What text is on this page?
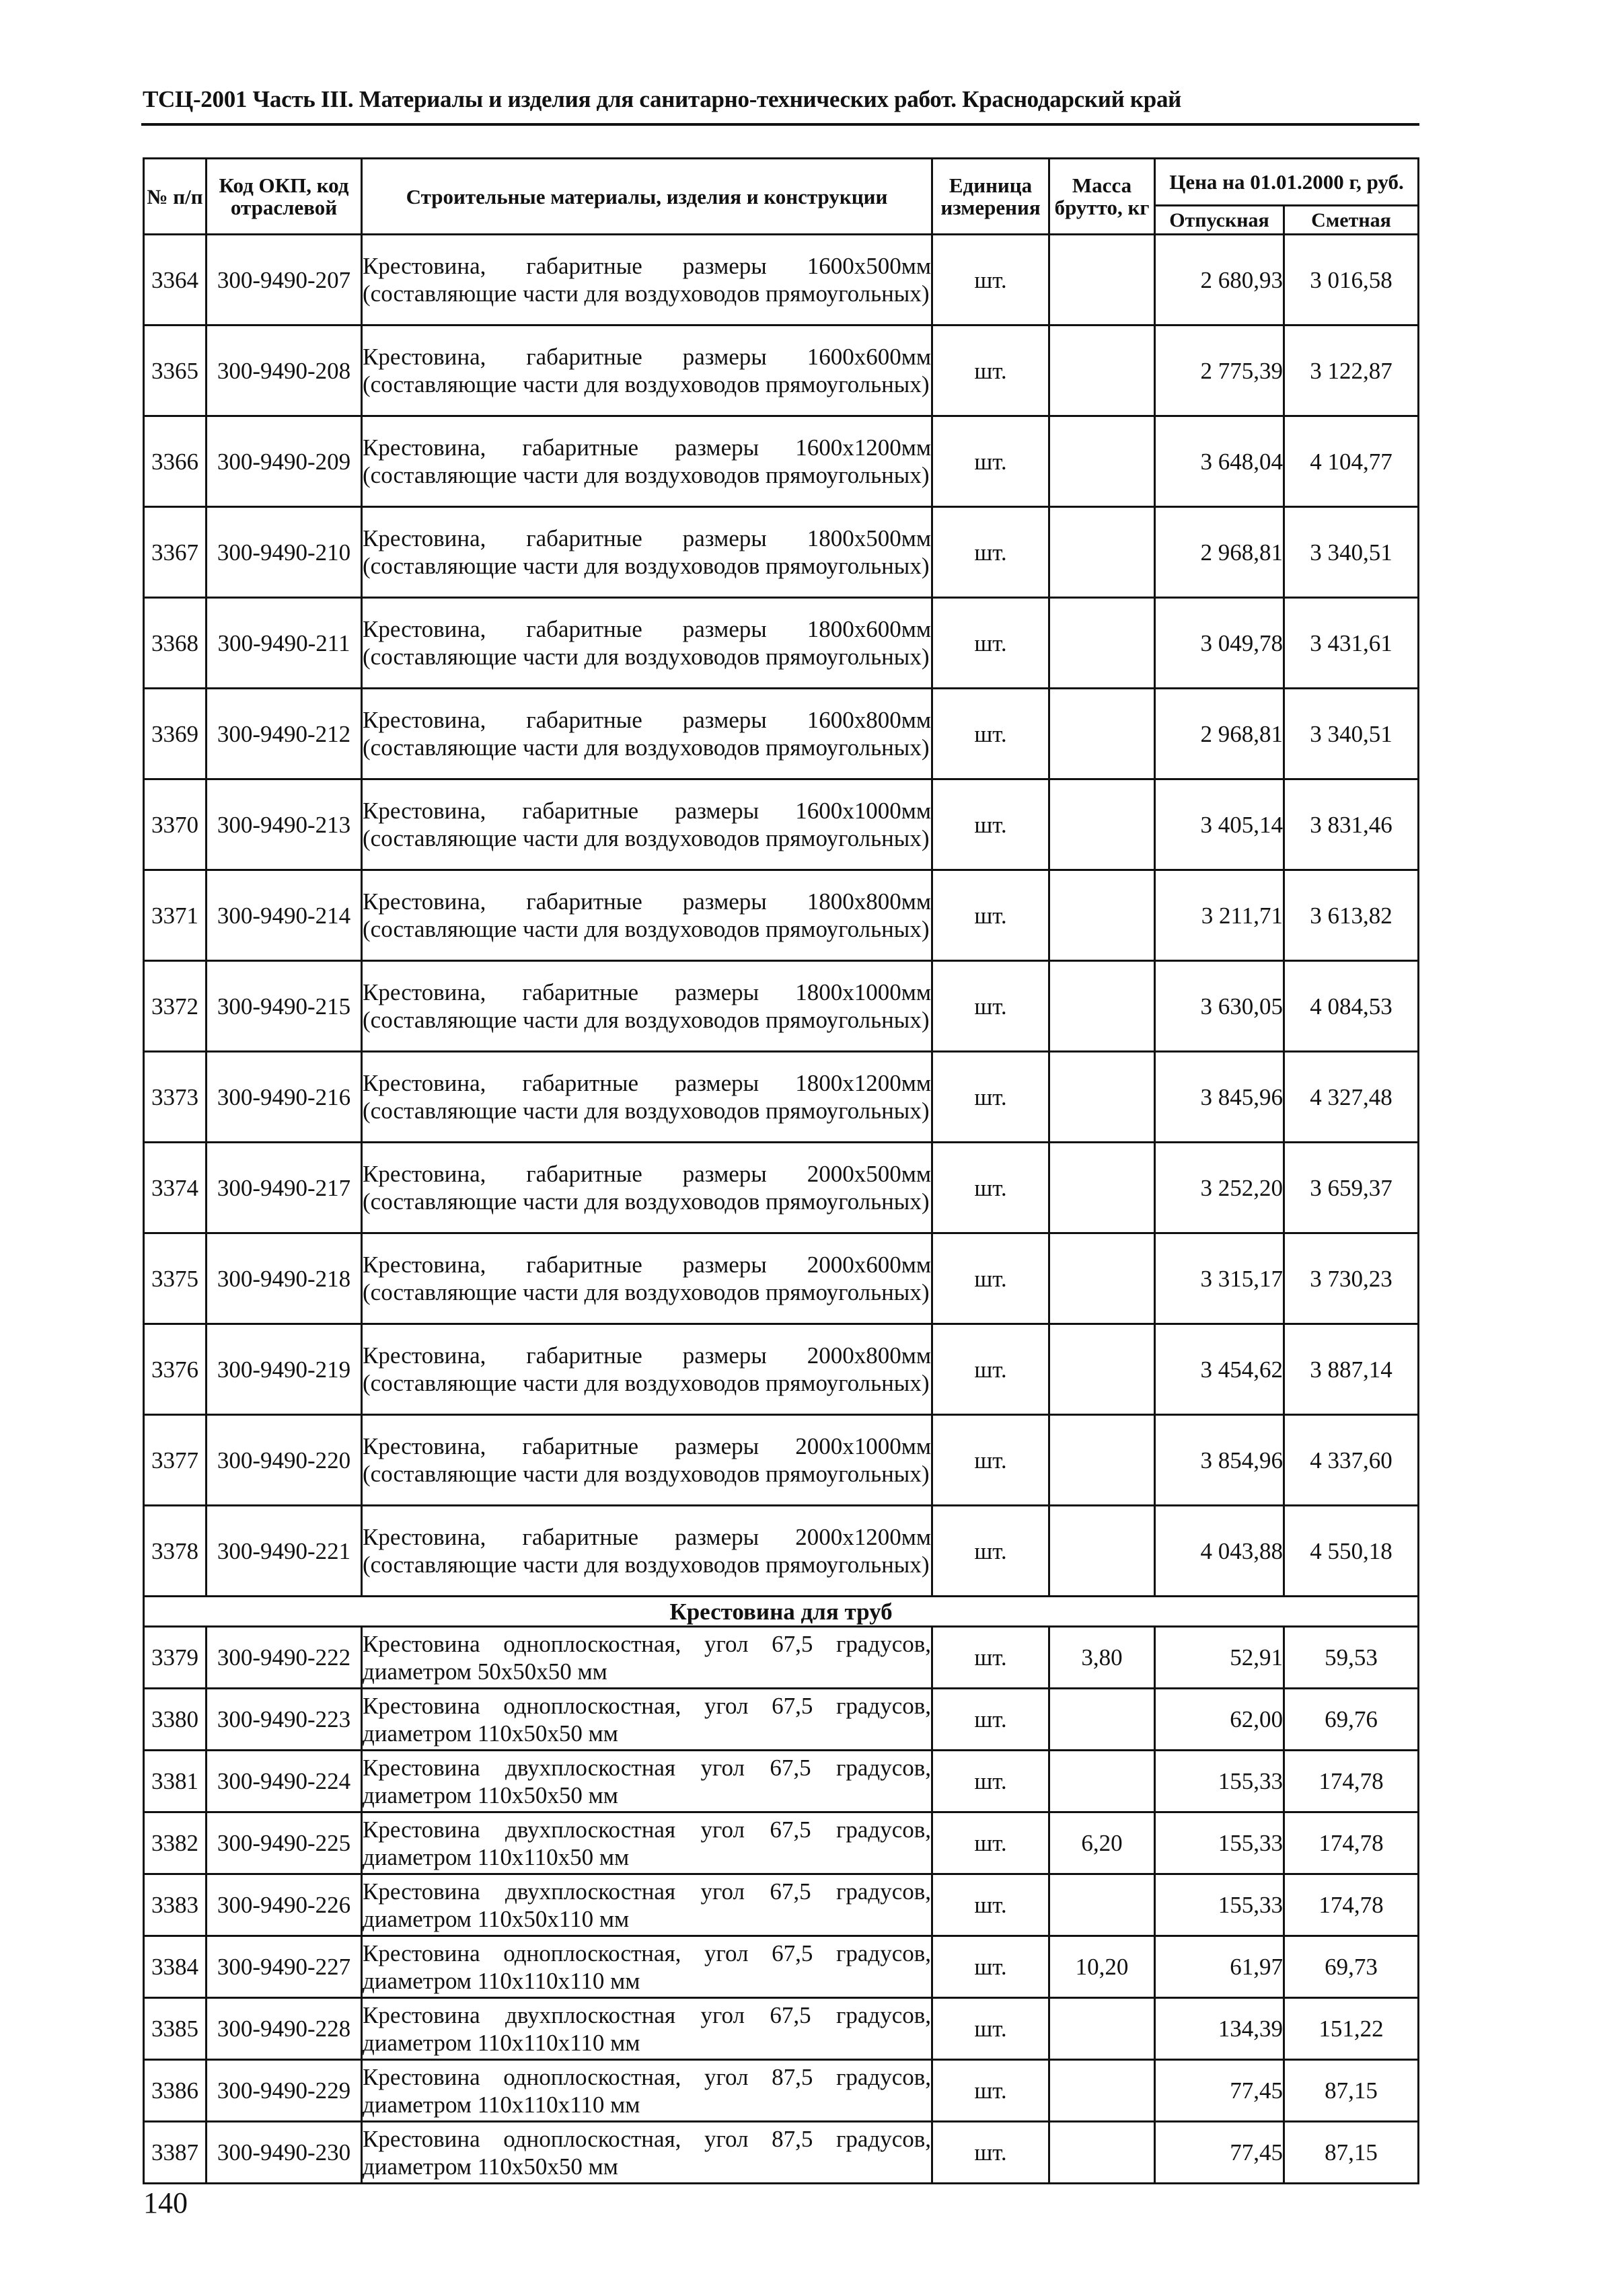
ТСЦ-2001 Часть III. Материалы и изделия для санитарно-технических работ. Краснодарский край
№ п/п	Код ОКП, код отраслевой	Строительные материалы, изделия и конструкции	Единица измерения	Масса брутто, кг	Цена на 01.01.2000 г, руб.	
					Отпускная	Сметная
3364	300-9490-207	Крестовина, габаритные размеры 1600х500мм (составляющие части для воздуховодов прямоугольных)	шт.		2 680,93	3 016,58
3365	300-9490-208	Крестовина, габаритные размеры 1600х600мм (составляющие части для воздуховодов прямоугольных)	шт.		2 775,39	3 122,87
3366	300-9490-209	Крестовина, габаритные размеры 1600х1200мм (составляющие части для воздуховодов прямоугольных)	шт.		3 648,04	4 104,77
3367	300-9490-210	Крестовина, габаритные размеры 1800х500мм (составляющие части для воздуховодов прямоугольных)	шт.		2 968,81	3 340,51
3368	300-9490-211	Крестовина, габаритные размеры 1800х600мм (составляющие части для воздуховодов прямоугольных)	шт.		3 049,78	3 431,61
3369	300-9490-212	Крестовина, габаритные размеры 1600х800мм (составляющие части для воздуховодов прямоугольных)	шт.		2 968,81	3 340,51
3370	300-9490-213	Крестовина, габаритные размеры 1600х1000мм (составляющие части для воздуховодов прямоугольных)	шт.		3 405,14	3 831,46
3371	300-9490-214	Крестовина, габаритные размеры 1800х800мм (составляющие части для воздуховодов прямоугольных)	шт.		3 211,71	3 613,82
3372	300-9490-215	Крестовина, габаритные размеры 1800х1000мм (составляющие части для воздуховодов прямоугольных)	шт.		3 630,05	4 084,53
3373	300-9490-216	Крестовина, габаритные размеры 1800х1200мм (составляющие части для воздуховодов прямоугольных)	шт.		3 845,96	4 327,48
3374	300-9490-217	Крестовина, габаритные размеры 2000х500мм (составляющие части для воздуховодов прямоугольных)	шт.		3 252,20	3 659,37
3375	300-9490-218	Крестовина, габаритные размеры 2000х600мм (составляющие части для воздуховодов прямоугольных)	шт.		3 315,17	3 730,23
3376	300-9490-219	Крестовина, габаритные размеры 2000х800мм (составляющие части для воздуховодов прямоугольных)	шт.		3 454,62	3 887,14
3377	300-9490-220	Крестовина, габаритные размеры 2000х1000мм (составляющие части для воздуховодов прямоугольных)	шт.		3 854,96	4 337,60
3378	300-9490-221	Крестовина, габаритные размеры 2000х1200мм (составляющие части для воздуховодов прямоугольных)	шт.		4 043,88	4 550,18
Крестовина для труб						
3379	300-9490-222	Крестовина одноплоскостная, угол 67,5 градусов, диаметром 50х50х50 мм	шт.	3,80	52,91	59,53
3380	300-9490-223	Крестовина одноплоскостная, угол 67,5 градусов, диаметром 110х50х50 мм	шт.		62,00	69,76
3381	300-9490-224	Крестовина двухплоскостная угол 67,5 градусов, диаметром 110х50х50 мм	шт.		155,33	174,78
3382	300-9490-225	Крестовина двухплоскостная угол 67,5 градусов, диаметром 110х110х50 мм	шт.	6,20	155,33	174,78
3383	300-9490-226	Крестовина двухплоскостная угол 67,5 градусов, диаметром 110х50х110 мм	шт.		155,33	174,78
3384	300-9490-227	Крестовина одноплоскостная, угол 67,5 градусов, диаметром 110х110х110 мм	шт.	10,20	61,97	69,73
3385	300-9490-228	Крестовина двухплоскостная угол 67,5 градусов, диаметром 110х110х110 мм	шт.		134,39	151,22
3386	300-9490-229	Крестовина одноплоскостная, угол 87,5 градусов, диаметром 110х110х110 мм	шт.		77,45	87,15
3387	300-9490-230	Крестовина одноплоскостная, угол 87,5 градусов, диаметром 110х50х50 мм	шт.		77,45	87,15
140
